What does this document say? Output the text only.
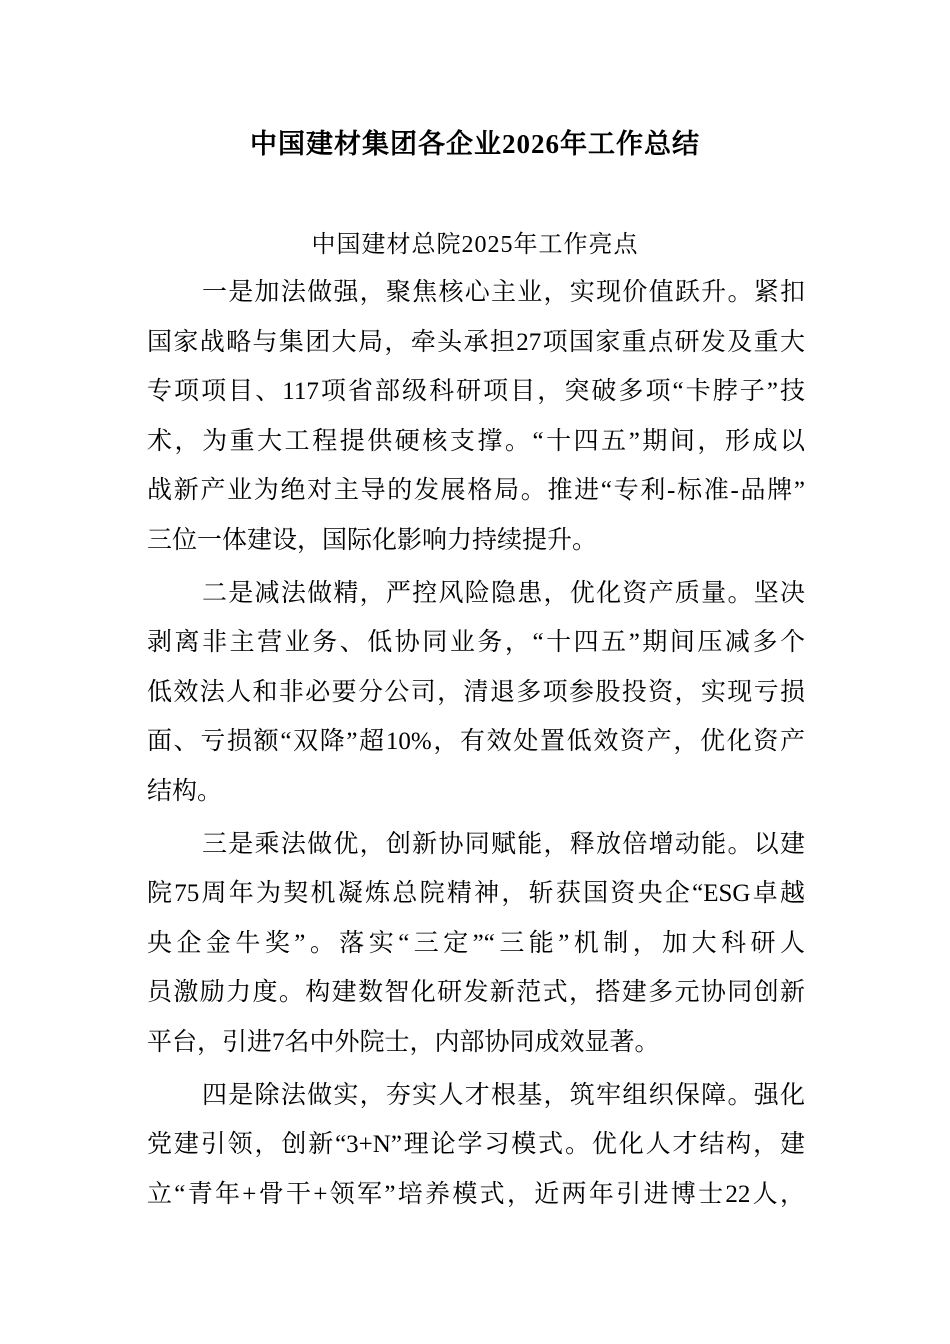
中国建材集团各企业2026年工作总结
中国建材总院2025年工作亮点
一是加法做强，聚焦核心主业，实现价值跃升。紧扣
国家战略与集团大局，牵头承担27项国家重点研发及重大
专项项目、117项省部级科研项目，突破多项“卡脖子”技
术，为重大工程提供硬核支撑。“十四五”期间，形成以
战新产业为绝对主导的发展格局。推进“专利-标准-品牌”
三位一体建设，国际化影响力持续提升。
二是减法做精，严控风险隐患，优化资产质量。坚决
剥离非主营业务、低协同业务，“十四五”期间压减多个
低效法人和非必要分公司，清退多项参股投资，实现亏损
面、亏损额“双降”超10%，有效处置低效资产，优化资产
结构。
三是乘法做优，创新协同赋能，释放倍增动能。以建
院75周年为契机凝炼总院精神，斩获国资央企“ESG卓越
央企金牛奖”。落实“三定”“三能”机制，加大科研人
员激励力度。构建数智化研发新范式，搭建多元协同创新
平台，引进7名中外院士，内部协同成效显著。
四是除法做实，夯实人才根基，筑牢组织保障。强化
党建引领，创新“3+N”理论学习模式。优化人才结构，建
立“青年+骨干+领军”培养模式，近两年引进博士22人，
